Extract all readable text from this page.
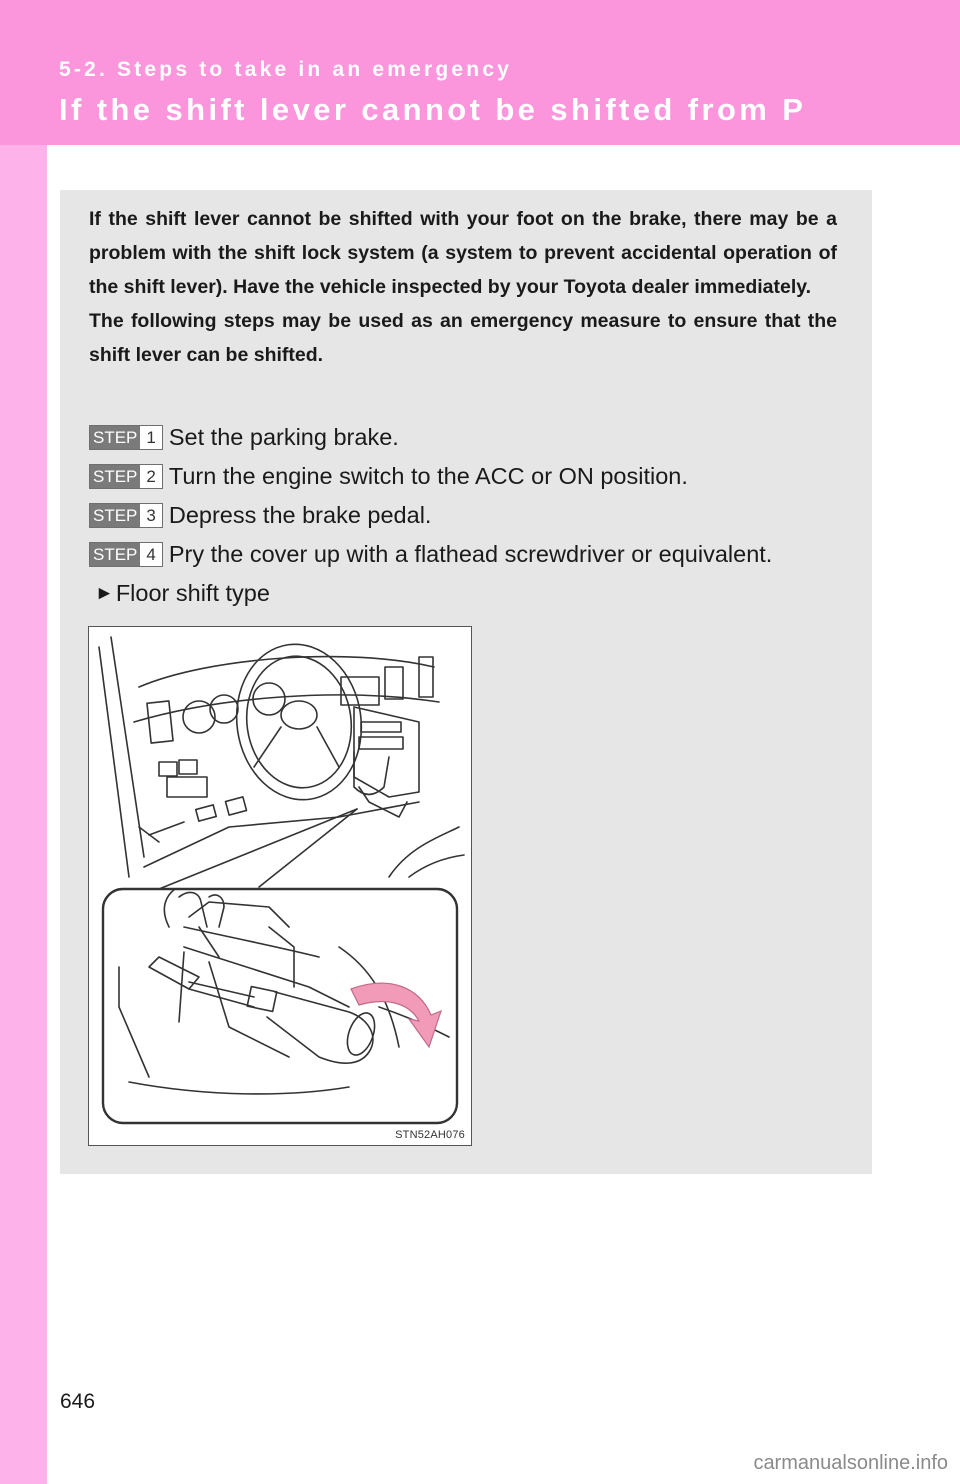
5-2. Steps to take in an emergency
If the shift lever cannot be shifted from P

If the shift lever cannot be shifted with your foot on the brake, there may be a problem with the shift lock system (a system to prevent accidental operation of the shift lever). Have the vehicle inspected by your Toyota dealer immediately.

The following steps may be used as an emergency measure to ensure that the shift lever can be shifted.

STEP 1 Set the parking brake.
STEP 2 Turn the engine switch to the ACC or ON position.
STEP 3 Depress the brake pedal.
STEP 4 Pry the cover up with a flathead screwdriver or equivalent.
► Floor shift type
STN52AH076
646
carmanualsonline.info
